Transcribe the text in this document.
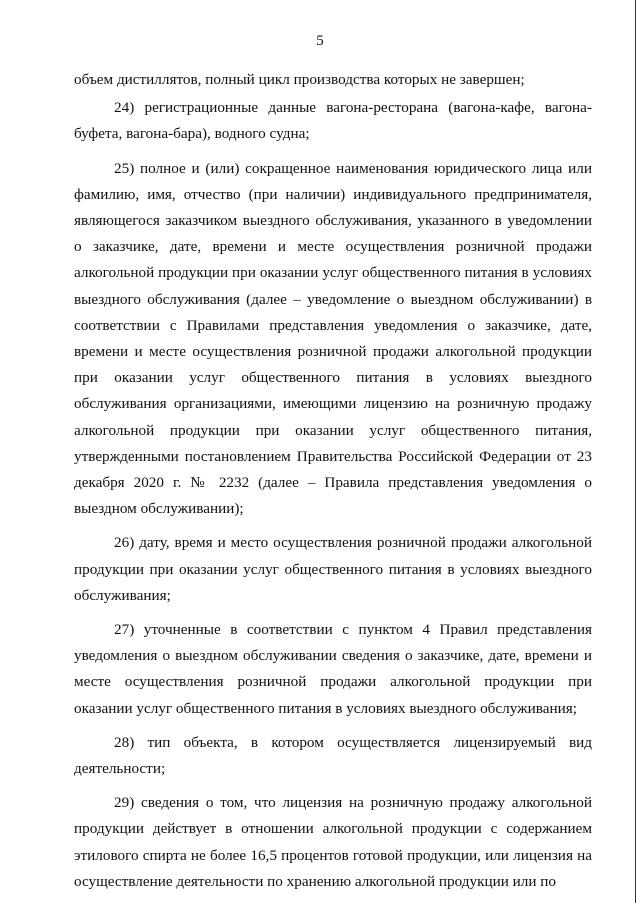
5

объем дистиллятов, полный цикл производства которых не завершен;

24) регистрационные данные вагона-ресторана (вагона-кафе, вагона-буфета, вагона-бара), водного судна;

25) полное и (или) сокращенное наименования юридического лица или фамилию, имя, отчество (при наличии) индивидуального предпринимателя, являющегося заказчиком выездного обслуживания, указанного в уведомлении о заказчике, дате, времени и месте осуществления розничной продажи алкогольной продукции при оказании услуг общественного питания в условиях выездного обслуживания (далее – уведомление о выездном обслуживании) в соответствии с Правилами представления уведомления о заказчике, дате, времени и месте осуществления розничной продажи алкогольной продукции при оказании услуг общественного питания в условиях выездного обслуживания организациями, имеющими лицензию на розничную продажу алкогольной продукции при оказании услуг общественного питания, утвержденными постановлением Правительства Российской Федерации от 23 декабря 2020 г. № 2232 (далее – Правила представления уведомления о выездном обслуживании);

26) дату, время и место осуществления розничной продажи алкогольной продукции при оказании услуг общественного питания в условиях выездного обслуживания;

27) уточненные в соответствии с пунктом 4 Правил представления уведомления о выездном обслуживании сведения о заказчике, дате, времени и месте осуществления розничной продажи алкогольной продукции при оказании услуг общественного питания в условиях выездного обслуживания;

28) тип объекта, в котором осуществляется лицензируемый вид деятельности;

29) сведения о том, что лицензия на розничную продажу алкогольной продукции действует в отношении алкогольной продукции с содержанием этилового спирта не более 16,5 процентов готовой продукции, или лицензия на осуществление деятельности по хранению алкогольной продукции или по
